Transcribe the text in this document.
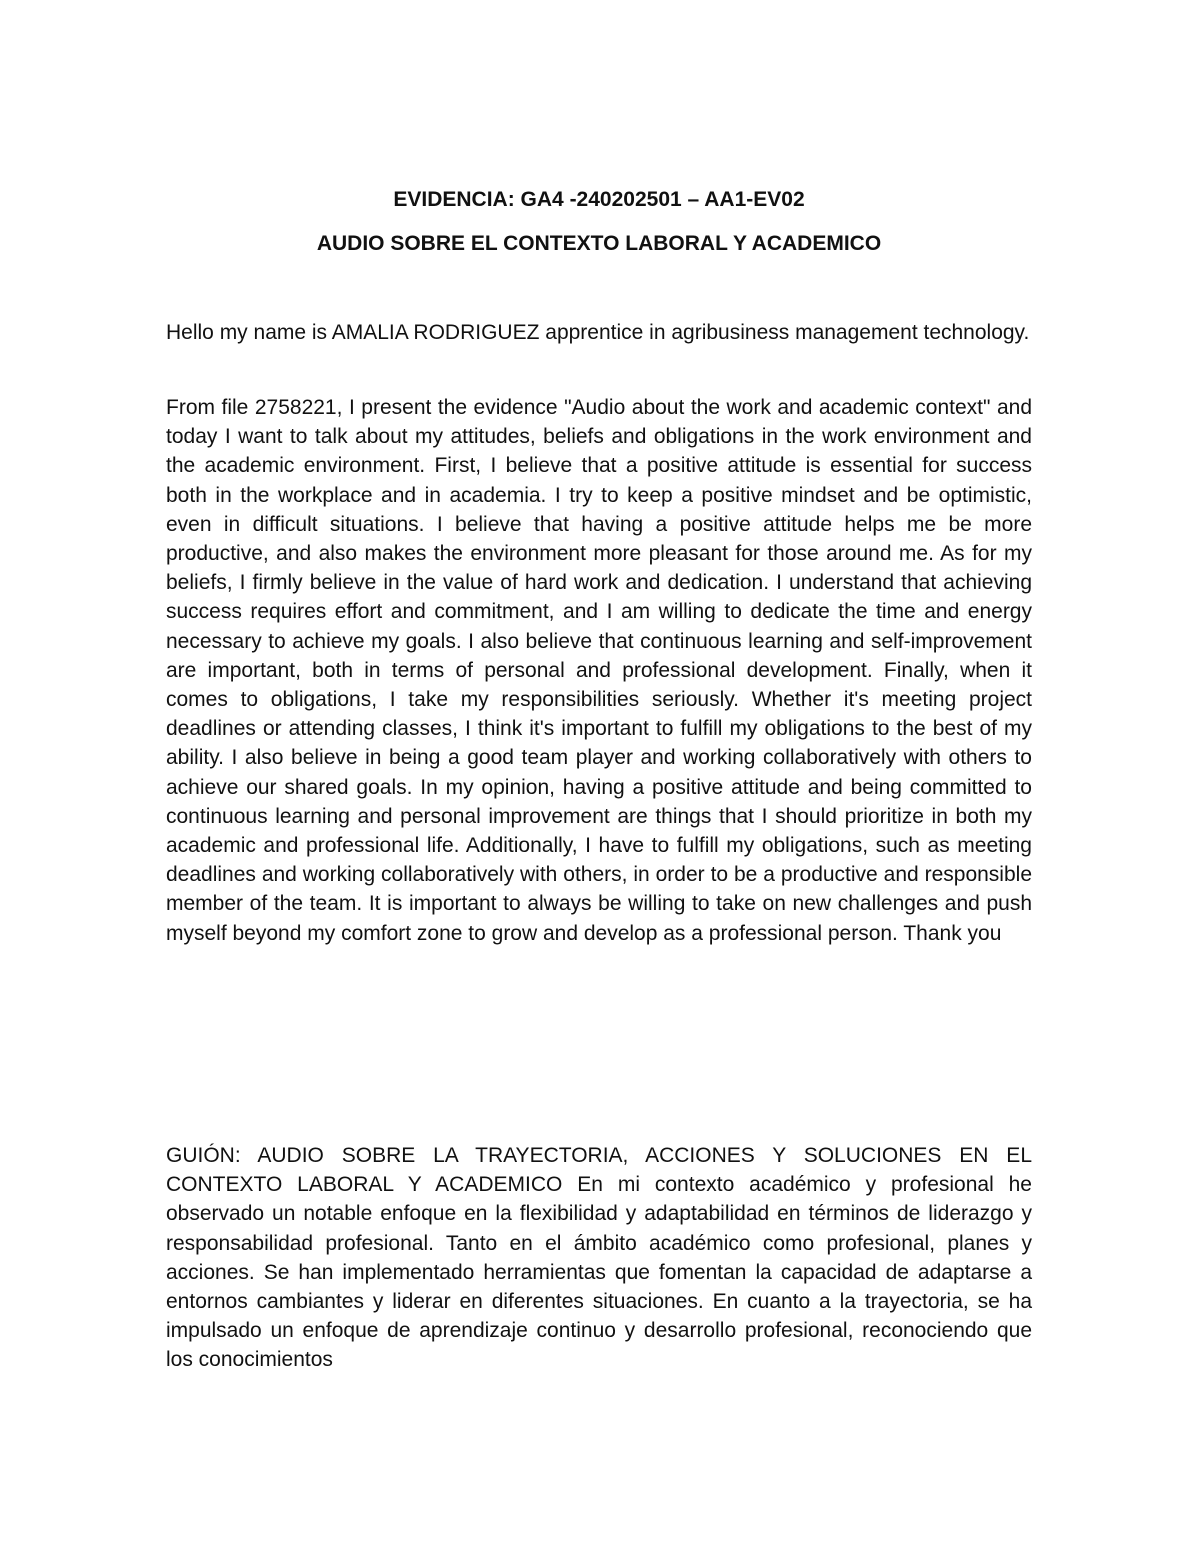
EVIDENCIA: GA4 -240202501 – AA1-EV02
AUDIO SOBRE EL CONTEXTO LABORAL Y ACADEMICO

Hello my name is AMALIA RODRIGUEZ apprentice in agribusiness management technology.

From file 2758221, I present the evidence "Audio about the work and academic context" and today I want to talk about my attitudes, beliefs and obligations in the work environment and the academic environment. First, I believe that a positive attitude is essential for success both in the workplace and in academia. I try to keep a positive mindset and be optimistic, even in difficult situations. I believe that having a positive attitude helps me be more productive, and also makes the environment more pleasant for those around me. As for my beliefs, I firmly believe in the value of hard work and dedication. I understand that achieving success requires effort and commitment, and I am willing to dedicate the time and energy necessary to achieve my goals. I also believe that continuous learning and self-improvement are important, both in terms of personal and professional development. Finally, when it comes to obligations, I take my responsibilities seriously. Whether it's meeting project deadlines or attending classes, I think it's important to fulfill my obligations to the best of my ability. I also believe in being a good team player and working collaboratively with others to achieve our shared goals. In my opinion, having a positive attitude and being committed to continuous learning and personal improvement are things that I should prioritize in both my academic and professional life. Additionally, I have to fulfill my obligations, such as meeting deadlines and working collaboratively with others, in order to be a productive and responsible member of the team. It is important to always be willing to take on new challenges and push myself beyond my comfort zone to grow and develop as a professional person. Thank you

GUIÓN: AUDIO SOBRE LA TRAYECTORIA, ACCIONES Y SOLUCIONES EN EL CONTEXTO LABORAL Y ACADEMICO En mi contexto académico y profesional he observado un notable enfoque en la flexibilidad y adaptabilidad en términos de liderazgo y responsabilidad profesional. Tanto en el ámbito académico como profesional, planes y acciones. Se han implementado herramientas que fomentan la capacidad de adaptarse a entornos cambiantes y liderar en diferentes situaciones. En cuanto a la trayectoria, se ha impulsado un enfoque de aprendizaje continuo y desarrollo profesional, reconociendo que los conocimientos
